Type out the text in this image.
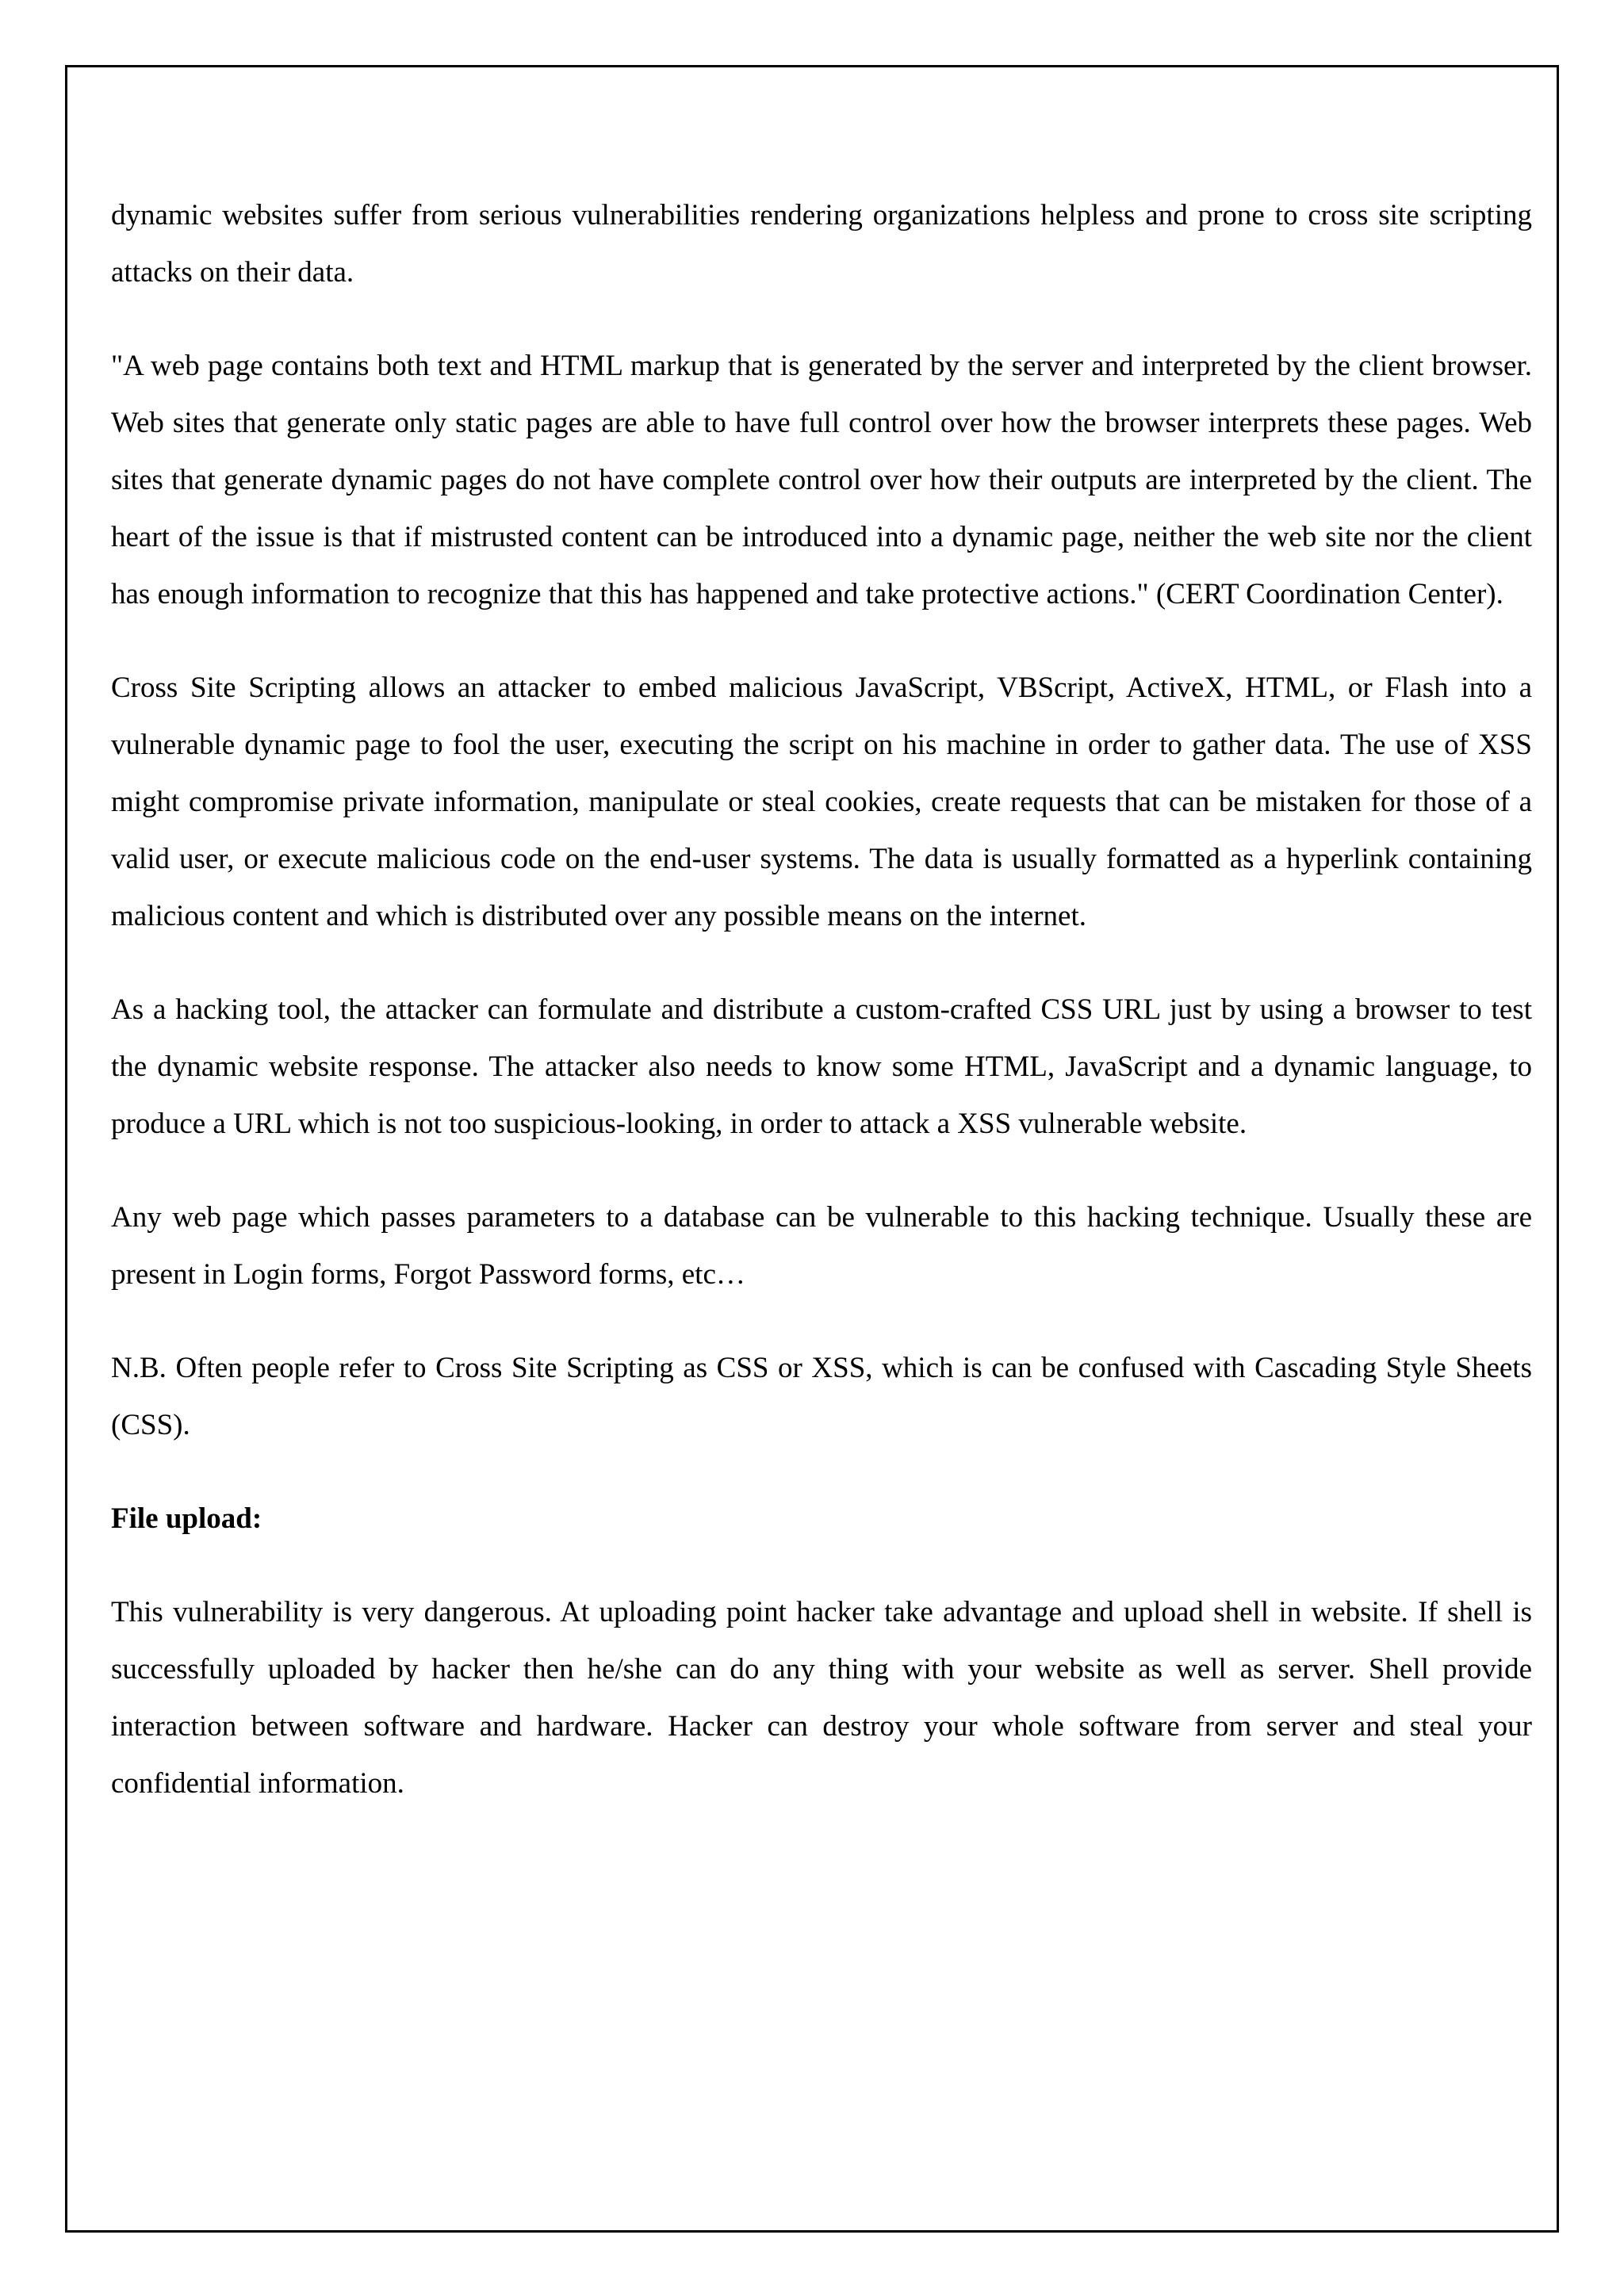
dynamic websites suffer from serious vulnerabilities rendering organizations helpless and prone to cross site scripting attacks on their data.

"A web page contains both text and HTML markup that is generated by the server and interpreted by the client browser. Web sites that generate only static pages are able to have full control over how the browser interprets these pages. Web sites that generate dynamic pages do not have complete control over how their outputs are interpreted by the client. The heart of the issue is that if mistrusted content can be introduced into a dynamic page, neither the web site nor the client has enough information to recognize that this has happened and take protective actions." (CERT Coordination Center).

Cross Site Scripting allows an attacker to embed malicious JavaScript, VBScript, ActiveX, HTML, or Flash into a vulnerable dynamic page to fool the user, executing the script on his machine in order to gather data. The use of XSS might compromise private information, manipulate or steal cookies, create requests that can be mistaken for those of a valid user, or execute malicious code on the end-user systems. The data is usually formatted as a hyperlink containing malicious content and which is distributed over any possible means on the internet.

As a hacking tool, the attacker can formulate and distribute a custom-crafted CSS URL just by using a browser to test the dynamic website response. The attacker also needs to know some HTML, JavaScript and a dynamic language, to produce a URL which is not too suspicious-looking, in order to attack a XSS vulnerable website.

Any web page which passes parameters to a database can be vulnerable to this hacking technique. Usually these are present in Login forms, Forgot Password forms, etc…

N.B. Often people refer to Cross Site Scripting as CSS or XSS, which is can be confused with Cascading Style Sheets (CSS).

File upload:

This vulnerability is very dangerous. At uploading point hacker take advantage and upload shell in website. If shell is successfully uploaded by hacker then he/she can do any thing with your website as well as server. Shell provide interaction between software and hardware. Hacker can destroy your whole software from server and steal your confidential information.
